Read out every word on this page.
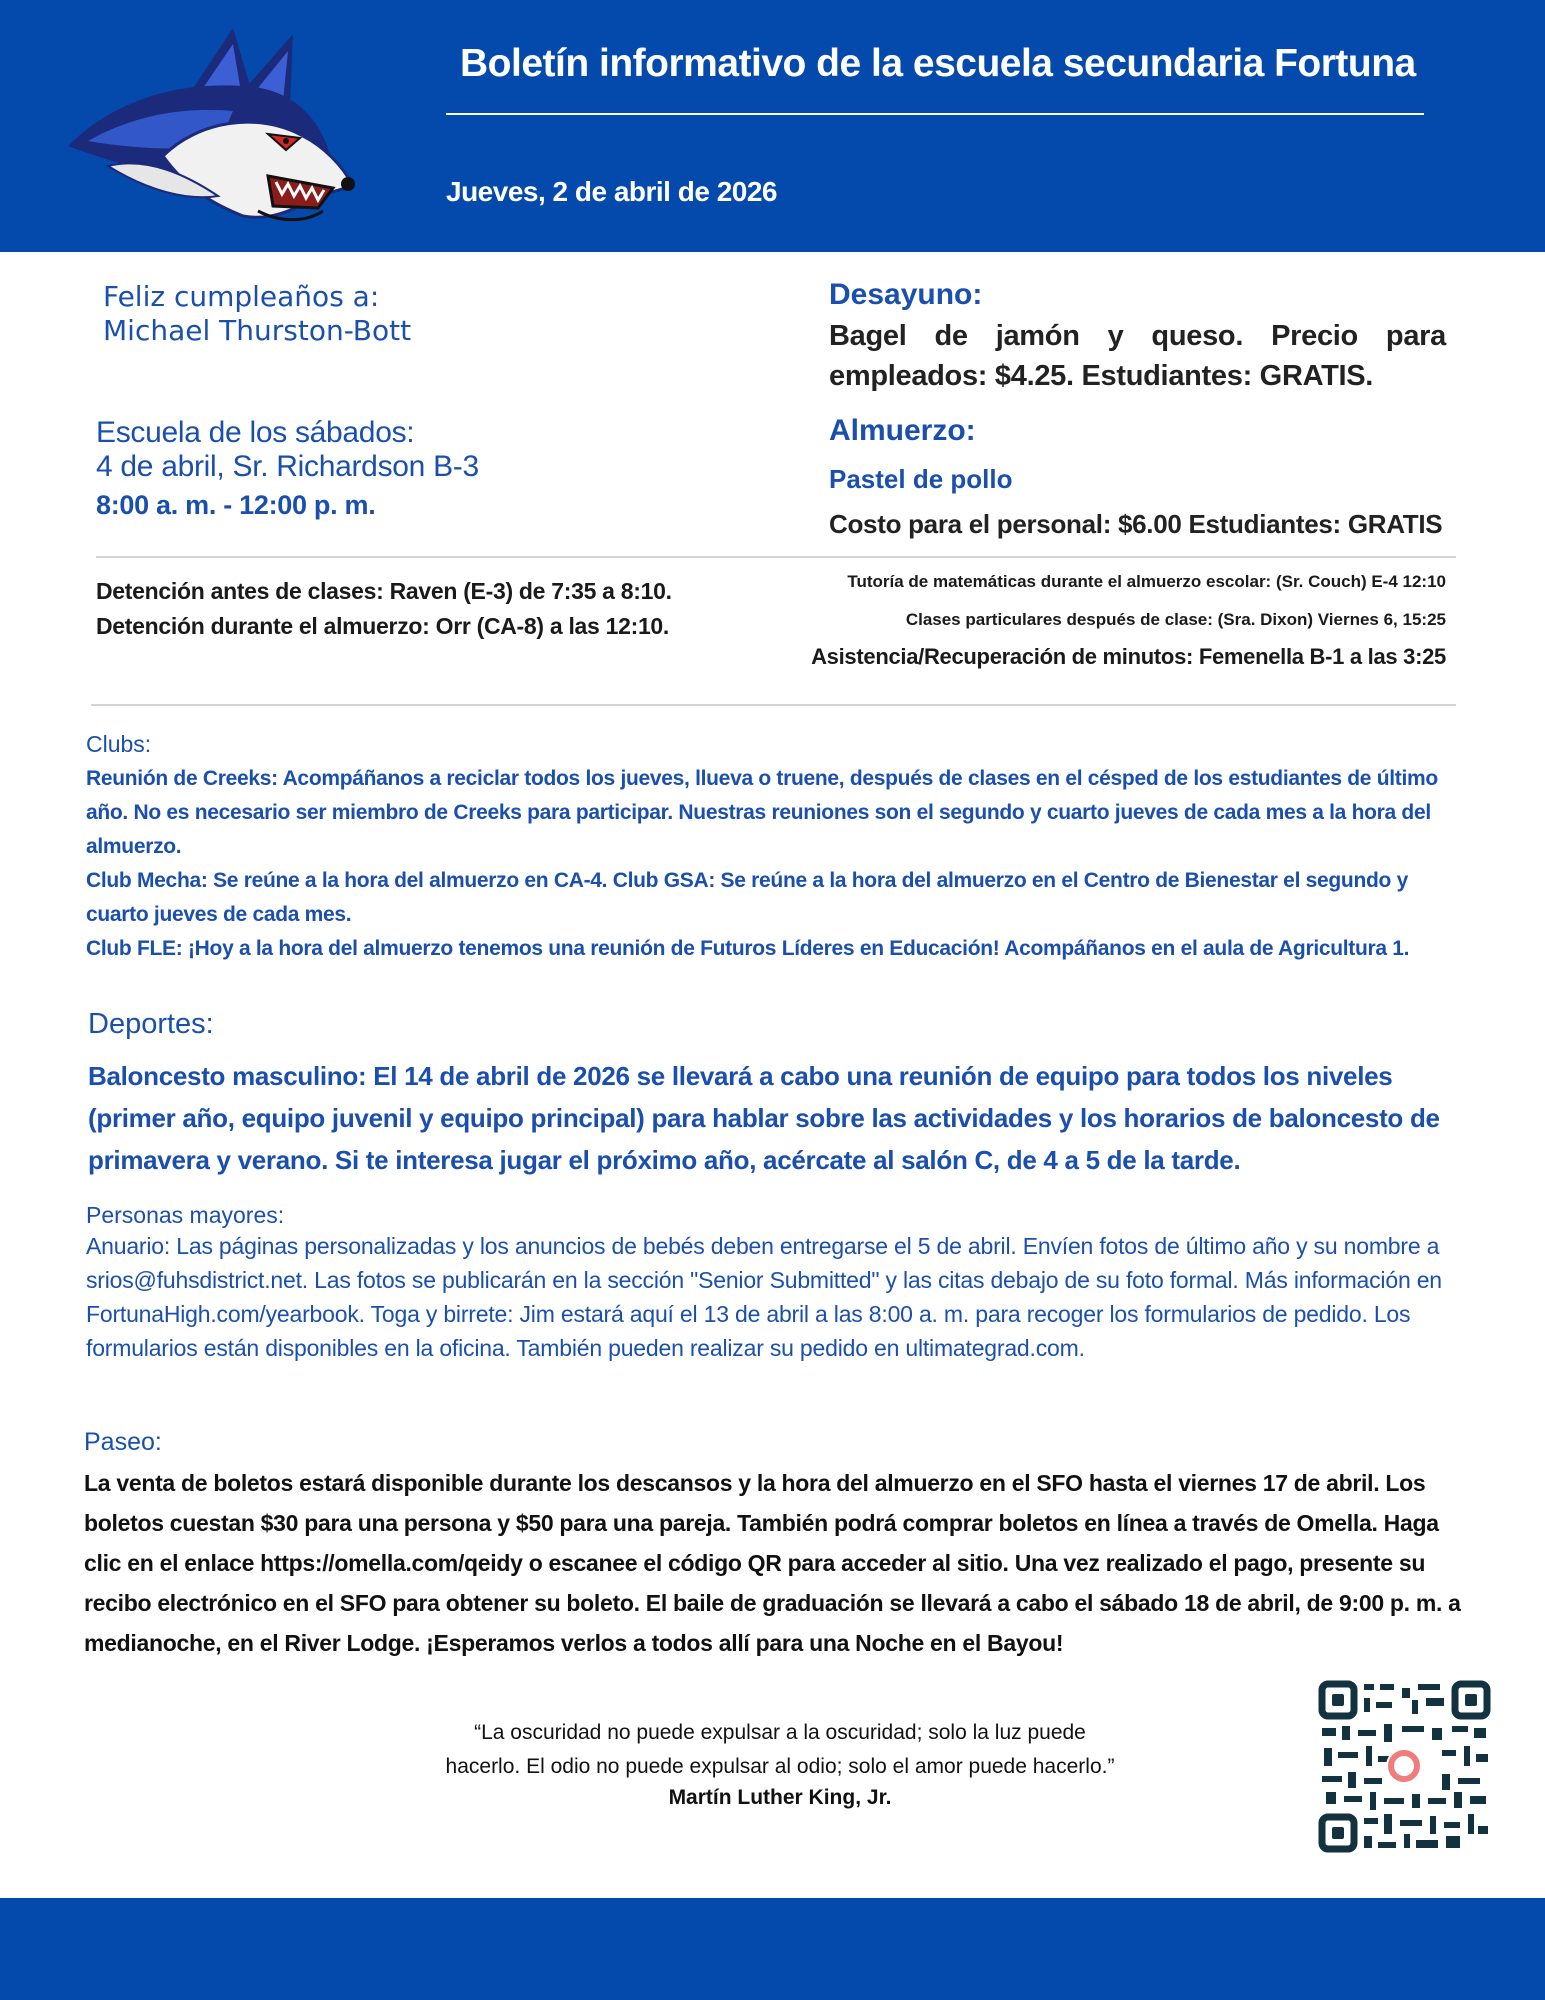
Boletín informativo de la escuela secundaria Fortuna
Jueves, 2 de abril de 2026
Feliz cumpleaños a:
Michael Thurston-Bott
Escuela de los sábados:
4 de abril, Sr. Richardson B-3
8:00 a. m. - 12:00 p. m.
Desayuno:
Bagel de jamón y queso. Precio para empleados: $4.25. Estudiantes: GRATIS.
Almuerzo:
Pastel de pollo
Costo para el personal: $6.00 Estudiantes: GRATIS
Detención antes de clases: Raven (E-3) de 7:35 a 8:10.
Detención durante el almuerzo: Orr (CA-8) a las 12:10.
Tutoría de matemáticas durante el almuerzo escolar: (Sr. Couch) E-4 12:10
Clases particulares después de clase: (Sra. Dixon) Viernes 6, 15:25
Asistencia/Recuperación de minutos: Femenella B-1 a las 3:25
Clubs:

Reunión de Creeks: Acompáñanos a reciclar todos los jueves, llueva o truene, después de clases en el césped de los estudiantes de último año. No es necesario ser miembro de Creeks para participar. Nuestras reuniones son el segundo y cuarto jueves de cada mes a la hora del almuerzo.

Club Mecha: Se reúne a la hora del almuerzo en CA-4. Club GSA: Se reúne a la hora del almuerzo en el Centro de Bienestar el segundo y cuarto jueves de cada mes.

Club FLE: ¡Hoy a la hora del almuerzo tenemos una reunión de Futuros Líderes en Educación! Acompáñanos en el aula de Agricultura 1.

Deportes:
Baloncesto masculino: El 14 de abril de 2026 se llevará a cabo una reunión de equipo para todos los niveles (primer año, equipo juvenil y equipo principal) para hablar sobre las actividades y los horarios de baloncesto de primavera y verano. Si te interesa jugar el próximo año, acércate al salón C, de 4 a 5 de la tarde.
Personas mayores:
Anuario: Las páginas personalizadas y los anuncios de bebés deben entregarse el 5 de abril. Envíen fotos de último año y su nombre a srios@fuhsdistrict.net. Las fotos se publicarán en la sección "Senior Submitted" y las citas debajo de su foto formal. Más información en FortunaHigh.com/yearbook. Toga y birrete: Jim estará aquí el 13 de abril a las 8:00 a. m. para recoger los formularios de pedido. Los formularios están disponibles en la oficina. También pueden realizar su pedido en ultimategrad.com.
Paseo:
La venta de boletos estará disponible durante los descansos y la hora del almuerzo en el SFO hasta el viernes 17 de abril. Los boletos cuestan $30 para una persona y $50 para una pareja. También podrá comprar boletos en línea a través de Omella. Haga clic en el enlace https://omella.com/qeidy o escanee el código QR para acceder al sitio. Una vez realizado el pago, presente su recibo electrónico en el SFO para obtener su boleto. El baile de graduación se llevará a cabo el sábado 18 de abril, de 9:00 p. m. a medianoche, en el River Lodge. ¡Esperamos verlos a todos allí para una Noche en el Bayou!
“La oscuridad no puede expulsar a la oscuridad; solo la luz puede
hacerlo. El odio no puede expulsar al odio; solo el amor puede hacerlo.”
Martín Luther King, Jr.
